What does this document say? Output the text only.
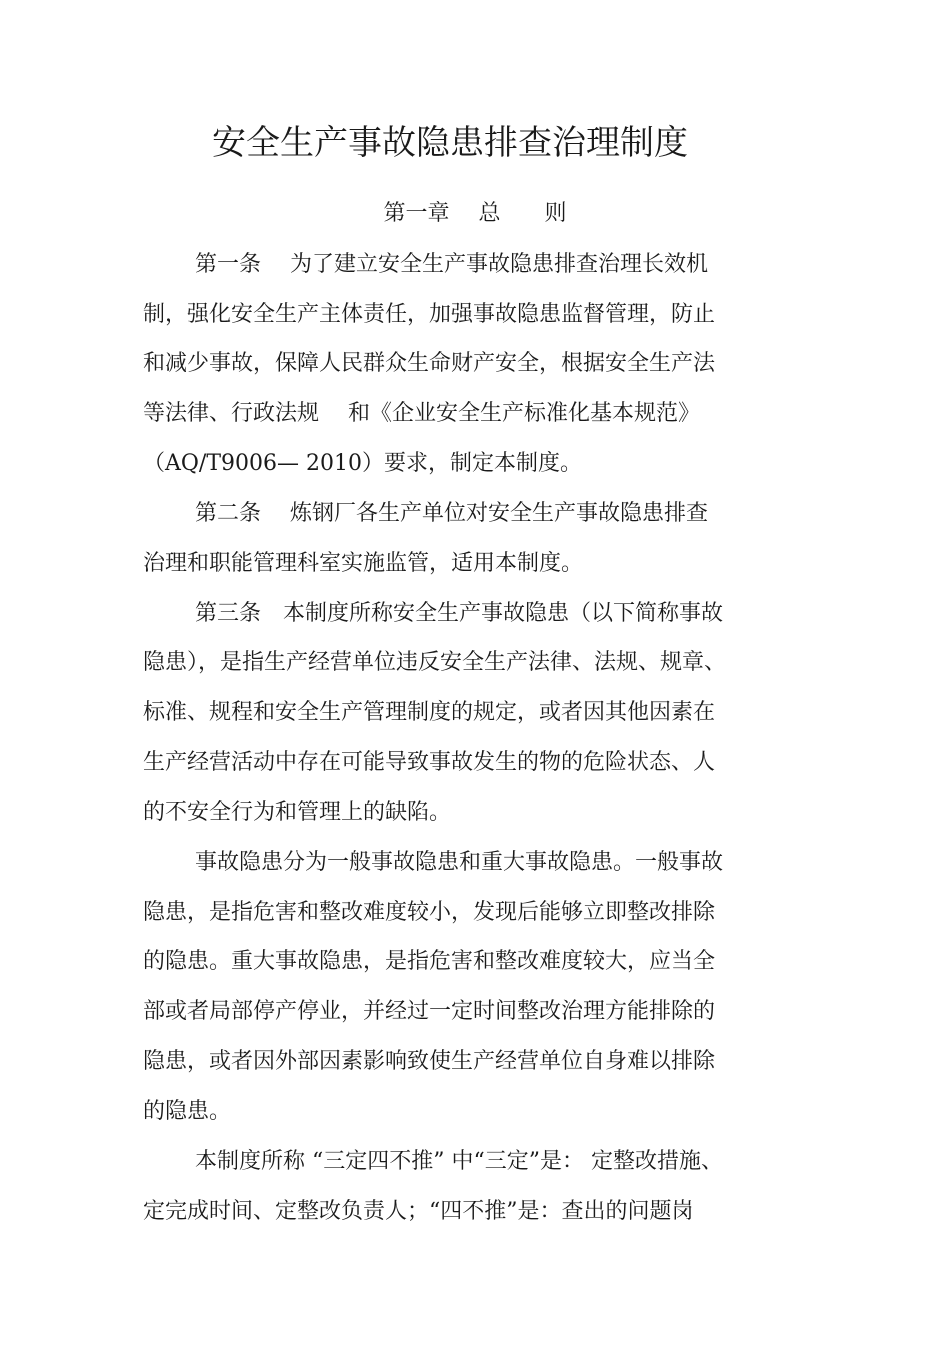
安全生产事故隐患排查治理制度
第一章　 总　　则
第一条　 为了建立安全生产事故隐患排查治理长效机
制，强化安全生产主体责任，加强事故隐患监督管理，防止
和减少事故，保障人民群众生命财产安全，根据安全生产法
等法律、行政法规　 和《企业安全生产标准化基本规范》
（AQ/T9006— 2010）要求，制定本制度。
第二条　 炼钢厂各生产单位对安全生产事故隐患排查
治理和职能管理科室实施监管，适用本制度。
第三条　本制度所称安全生产事故隐患（以下简称事故
隐患），是指生产经营单位违反安全生产法律、法规、规章、
标准、规程和安全生产管理制度的规定，或者因其他因素在
生产经营活动中存在可能导致事故发生的物的危险状态、人
的不安全行为和管理上的缺陷。
事故隐患分为一般事故隐患和重大事故隐患。一般事故
隐患，是指危害和整改难度较小，发现后能够立即整改排除
的隐患。重大事故隐患，是指危害和整改难度较大，应当全
部或者局部停产停业，并经过一定时间整改治理方能排除的
隐患，或者因外部因素影响致使生产经营单位自身难以排除
的隐患。
本制度所称 “三定四不推” 中“三定”是： 定整改措施、
定完成时间、定整改负责人；“四不推”是：查出的问题岗
